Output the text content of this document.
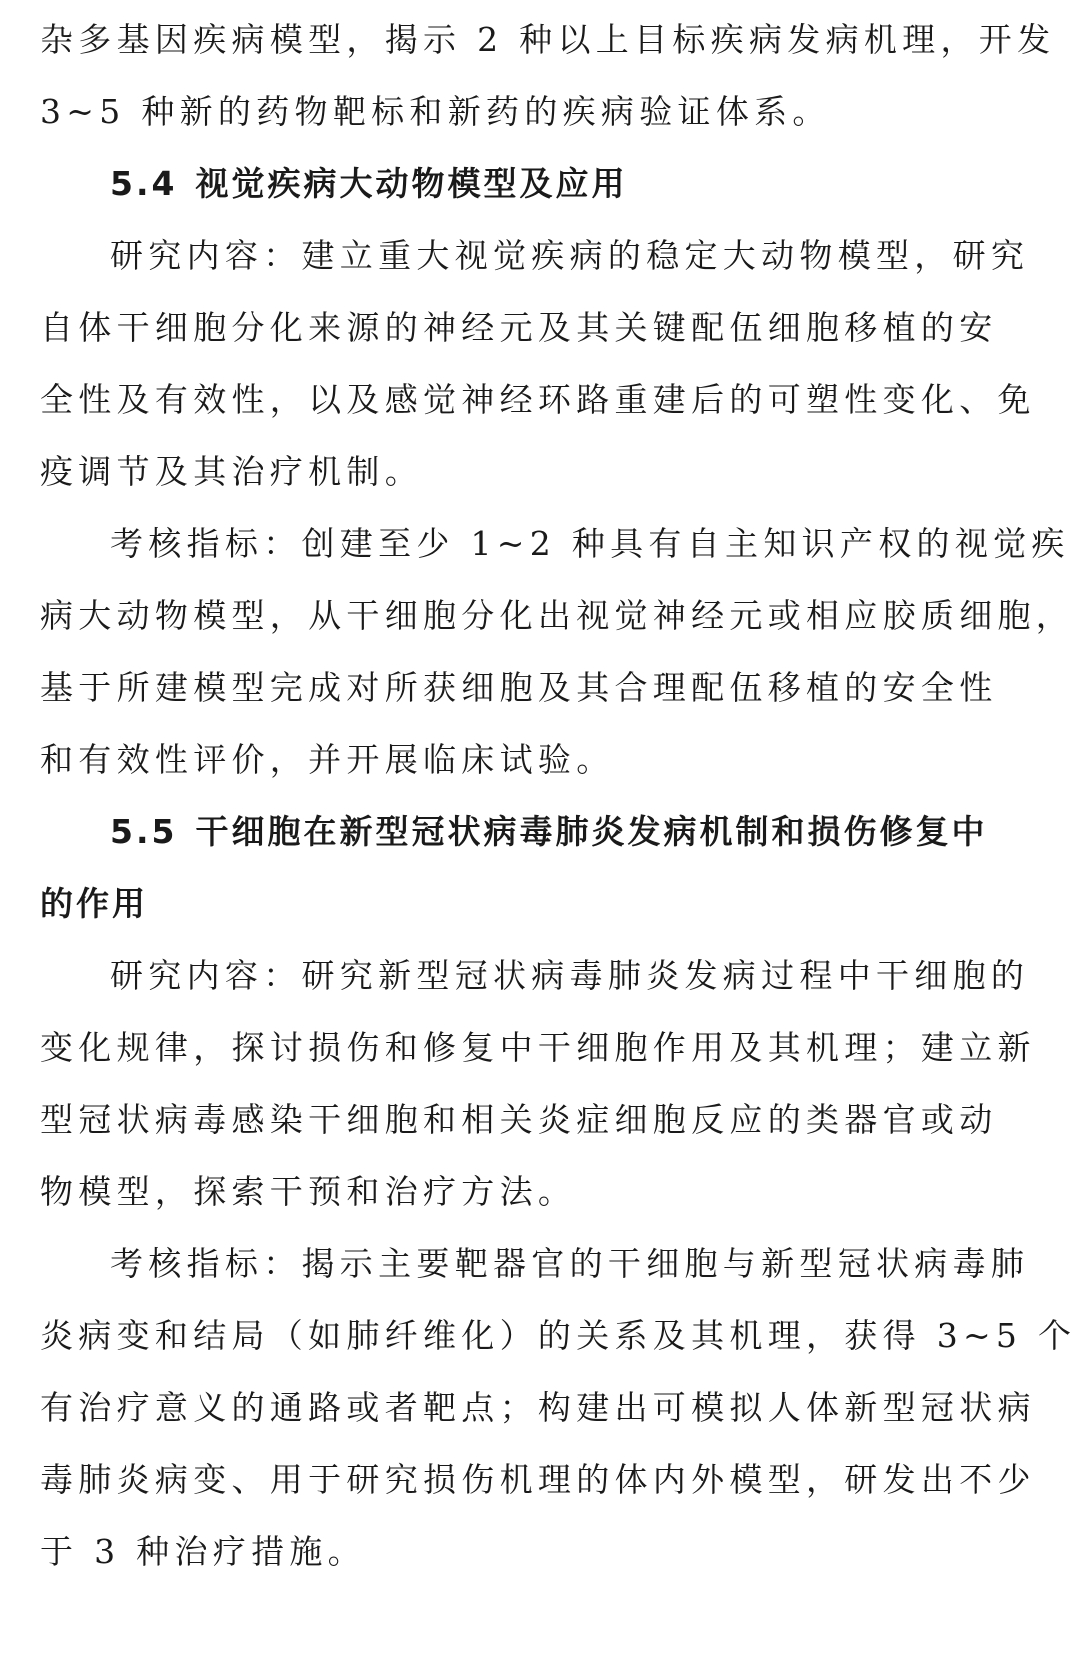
杂多基因疾病模型，揭示 2 种以上目标疾病发病机理，开发
3~5 种新的药物靶标和新药的疾病验证体系。
5.4 视觉疾病大动物模型及应用
研究内容：建立重大视觉疾病的稳定大动物模型，研究
自体干细胞分化来源的神经元及其关键配伍细胞移植的安
全性及有效性，以及感觉神经环路重建后的可塑性变化、免
疫调节及其治疗机制。
考核指标：创建至少 1~2 种具有自主知识产权的视觉疾
病大动物模型，从干细胞分化出视觉神经元或相应胶质细胞，
基于所建模型完成对所获细胞及其合理配伍移植的安全性
和有效性评价，并开展临床试验。
5.5 干细胞在新型冠状病毒肺炎发病机制和损伤修复中
的作用
研究内容：研究新型冠状病毒肺炎发病过程中干细胞的
变化规律，探讨损伤和修复中干细胞作用及其机理；建立新
型冠状病毒感染干细胞和相关炎症细胞反应的类器官或动
物模型，探索干预和治疗方法。
考核指标：揭示主要靶器官的干细胞与新型冠状病毒肺
炎病变和结局（如肺纤维化）的关系及其机理，获得 3~5 个
有治疗意义的通路或者靶点；构建出可模拟人体新型冠状病
毒肺炎病变、用于研究损伤机理的体内外模型，研发出不少
于 3 种治疗措施。
